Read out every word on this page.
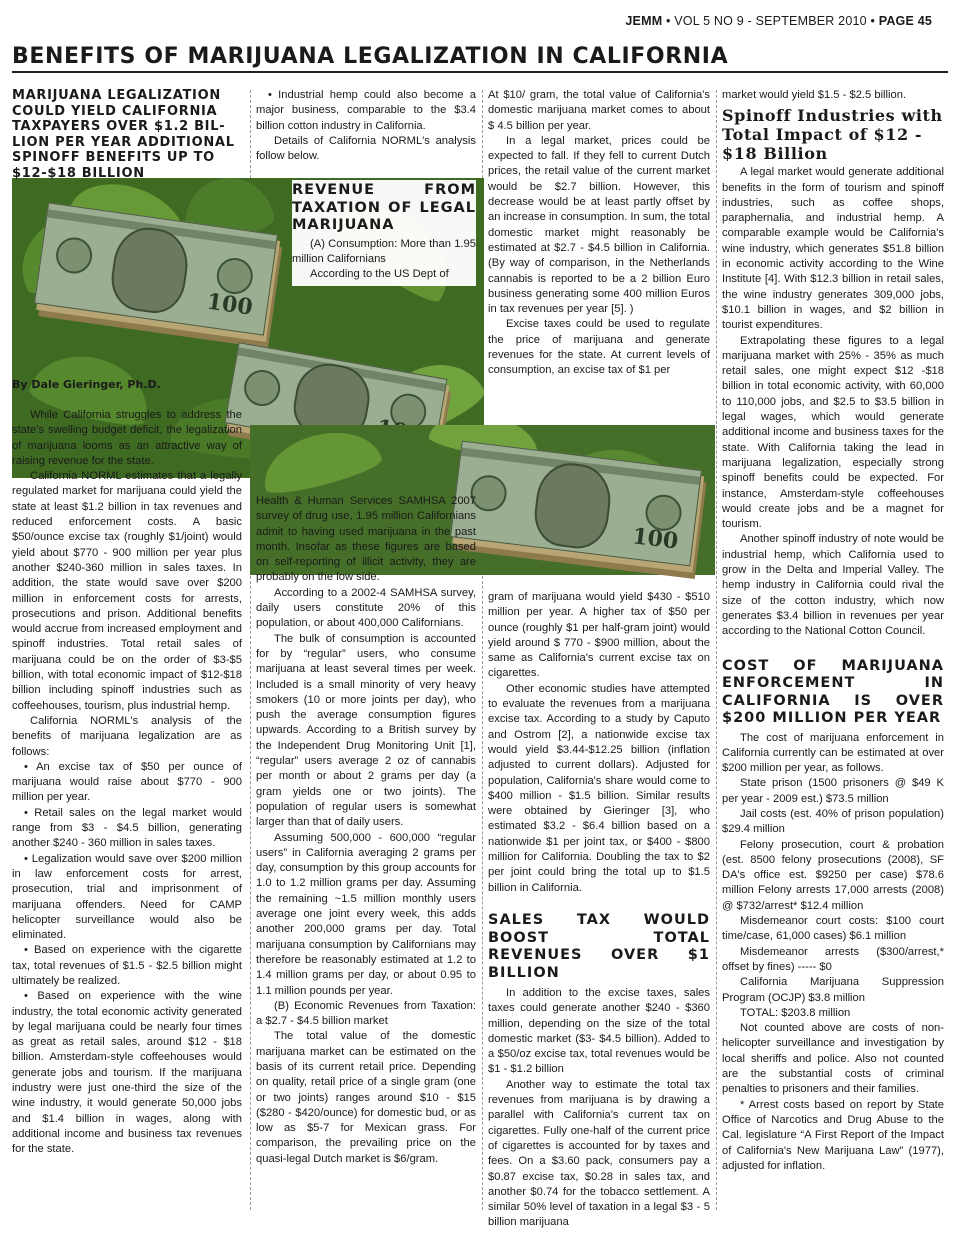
JEMM • VOL 5 NO 9 - SEPTEMBER 2010 • PAGE 45
BENEFITS OF MARIJUANA LEGALIZATION IN CALIFORNIA
100
100
MARIJUANA LEGALIZATION COULD YIELD CALIFORNIA TAXPAYERS OVER $1.2 BIL-LION PER YEAR ADDITIONAL SPINOFF BENEFITS UP TO $12-$18 BILLION
By Dale Gieringer, Ph.D.

While California struggles to address the state's swelling budget deficit, the legalization of marijuana looms as an attractive way of raising revenue for the state.

California NORML estimates that a legally regulated market for marijuana could yield the state at least $1.2 billion in tax revenues and reduced enforcement costs. A basic $50/ounce excise tax (roughly $1/joint) would yield about $770 - 900 million per year plus another $240-360 million in sales taxes. In addition, the state would save over $200 million in enforcement costs for arrests, prosecutions and prison. Additional benefits would accrue from increased employment and spinoff industries. Total retail sales of marijuana could be on the order of $3-$5 billion, with total economic impact of $12-$18 billion including spinoff industries such as coffeehouses, tourism, plus industrial hemp.

California NORML's analysis of the benefits of marijuana legalization are as follows:

• An excise tax of $50 per ounce of marijuana would raise about $770 - 900 million per year.

• Retail sales on the legal market would range from $3 - $4.5 billion, generating another $240 - 360 million in sales taxes.

• Legalization would save over $200 million in law enforcement costs for arrest, prosecution, trial and imprisonment of marijuana offenders. Need for CAMP helicopter surveillance would also be eliminated.

• Based on experience with the cigarette tax, total revenues of $1.5 - $2.5 billion might ultimately be realized.

• Based on experience with the wine industry, the total economic activity generated by legal marijuana could be nearly four times as great as retail sales, around $12 - $18 billion. Amsterdam-style coffeehouses would generate jobs and tourism. If the marijuana industry were just one-third the size of the wine industry, it would generate 50,000 jobs and $1.4 billion in wages, along with additional income and business tax revenues for the state.

• Industrial hemp could also become a major business, comparable to the $3.4 billion cotton industry in California.

Details of California NORML's analysis follow below.

REVENUE FROM TAXATION OF LEGAL MARIJUANA

(A) Consumption: More than 1.95 million Californians

According to the US Dept of

Health & Human Services SAMHSA 2007 survey of drug use, 1.95 million Californians admit to having used marijuana in the past month. Insofar as these figures are based on self-reporting of illicit activity, they are probably on the low side.

According to a 2002-4 SAMHSA survey, daily users constitute 20% of this population, or about 400,000 Californians.

The bulk of consumption is accounted for by “regular” users, who consume marijuana at least several times per week. Included is a small minority of very heavy smokers (10 or more joints per day), who push the average consumption figures upwards. According to a British survey by the Independent Drug Monitoring Unit [1], “regular” users average 2 oz of cannabis per month or about 2 grams per day (a gram yields one or two joints). The population of regular users is somewhat larger than that of daily users.

Assuming 500,000 - 600,000 “regular users” in California averaging 2 grams per day, consumption by this group accounts for 1.0 to 1.2 million grams per day. Assuming the remaining ~1.5 million monthly users average one joint every week, this adds another 200,000 grams per day. Total marijuana consumption by Californians may therefore be reasonably estimated at 1.2 to 1.4 million grams per day, or about 0.95 to 1.1 million pounds per year.

(B) Economic Revenues from Taxation: a $2.7 - $4.5 billion market

The total value of the domestic marijuana market can be estimated on the basis of its current retail price. Depending on quality, retail price of a single gram (one or two joints) ranges around $10 - $15 ($280 - $420/ounce) for domestic bud, or as low as $5-7 for Mexican grass. For comparison, the prevailing price on the quasi-legal Dutch market is $6/gram.

At $10/ gram, the total value of California's domestic marijuana market comes to about $ 4.5 billion per year.

In a legal market, prices could be expected to fall. If they fell to current Dutch prices, the retail value of the current market would be $2.7 billion. However, this decrease would be at least partly offset by an increase in consumption. In sum, the total domestic market might reasonably be estimated at $2.7 - $4.5 billion in California. (By way of comparison, in the Netherlands cannabis is reported to be a 2 billion Euro business generating some 400 million Euros in tax revenues per year [5]. )

Excise taxes could be used to regulate the price of marijuana and generate revenues for the state. At current levels of consumption, an excise tax of $1 per

gram of marijuana would yield $430 - $510 million per year. A higher tax of $50 per ounce (roughly $1 per half-gram joint) would yield around $ 770 - $900 million, about the same as California's current excise tax on cigarettes.

Other economic studies have attempted to evaluate the revenues from a marijuana excise tax. According to a study by Caputo and Ostrom [2], a nationwide excise tax would yield $3.44-$12.25 billion (inflation adjusted to current dollars). Adjusted for population, California's share would come to $400 million - $1.5 billion. Similar results were obtained by Gieringer [3], who estimated $3.2 - $6.4 billion based on a nationwide $1 per joint tax, or $400 - $800 million for California. Doubling the tax to $2 per joint could bring the total up to $1.5 billion in California.

SALES TAX WOULD BOOST TOTAL REVENUES OVER $1 BILLION

In addition to the excise taxes, sales taxes could generate another $240 - $360 million, depending on the size of the total domestic market ($3- $4.5 billion). Added to a $50/oz excise tax, total revenues would be $1 - $1.2 billion

Another way to estimate the total tax revenues from marijuana is by drawing a parallel with California's current tax on cigarettes. Fully one-half of the current price of cigarettes is accounted for by taxes and fees. On a $3.60 pack, consumers pay a $0.87 excise tax, $0.28 in sales tax, and another $0.74 for the tobacco settlement. A similar 50% level of taxation in a legal $3 - 5 billion marijuana

market would yield $1.5 - $2.5 billion.

Spinoff Industries with Total Impact of $12 - $18 Billion

A legal market would generate additional benefits in the form of tourism and spinoff industries, such as coffee shops, paraphernalia, and industrial hemp. A comparable example would be California's wine industry, which generates $51.8 billion in economic activity according to the Wine Institute [4]. With $12.3 billion in retail sales, the wine industry generates 309,000 jobs, $10.1 billion in wages, and $2 billion in tourist expenditures.

Extrapolating these figures to a legal marijuana market with 25% - 35% as much retail sales, one might expect $12 -$18 billion in total economic activity, with 60,000 to 110,000 jobs, and $2.5 to $3.5 billion in legal wages, which would generate additional income and business taxes for the state. With California taking the lead in marijuana legalization, especially strong spinoff benefits could be expected. For instance, Amsterdam-style coffeehouses would create jobs and be a magnet for tourism.

Another spinoff industry of note would be industrial hemp, which California used to grow in the Delta and Imperial Valley. The hemp industry in California could rival the size of the cotton industry, which now generates $3.4 billion in revenues per year according to the National Cotton Council.

COST OF MARIJUANA ENFORCEMENT IN CALIFORNIA IS OVER $200 MILLION PER YEAR

The cost of marijuana enforcement in California currently can be estimated at over $200 million per year, as follows.

State prison (1500 prisoners @ $49 K per year - 2009 est.) $73.5 million

Jail costs (est. 40% of prison population) $29.4 million

Felony prosecution, court & probation (est. 8500 felony prosecutions (2008), SF DA's office est. $9250 per case) $78.6 million Felony arrests 17,000 arrests (2008) @ $732/arrest* $12.4 million

Misdemeanor court costs: $100 court time/case, 61,000 cases) $6.1 million

Misdemeanor arrests ($300/arrest,* offset by fines) ----- $0

California Marijuana Suppression Program (OCJP) $3.8 million

TOTAL: $203.8 million

Not counted above are costs of non-helicopter surveillance and investigation by local sheriffs and police. Also not counted are the substantial costs of criminal penalties to prisoners and their families.

* Arrest costs based on report by State Office of Narcotics and Drug Abuse to the Cal. legislature “A First Report of the Impact of California's New Marijuana Law” (1977), adjusted for inflation.
